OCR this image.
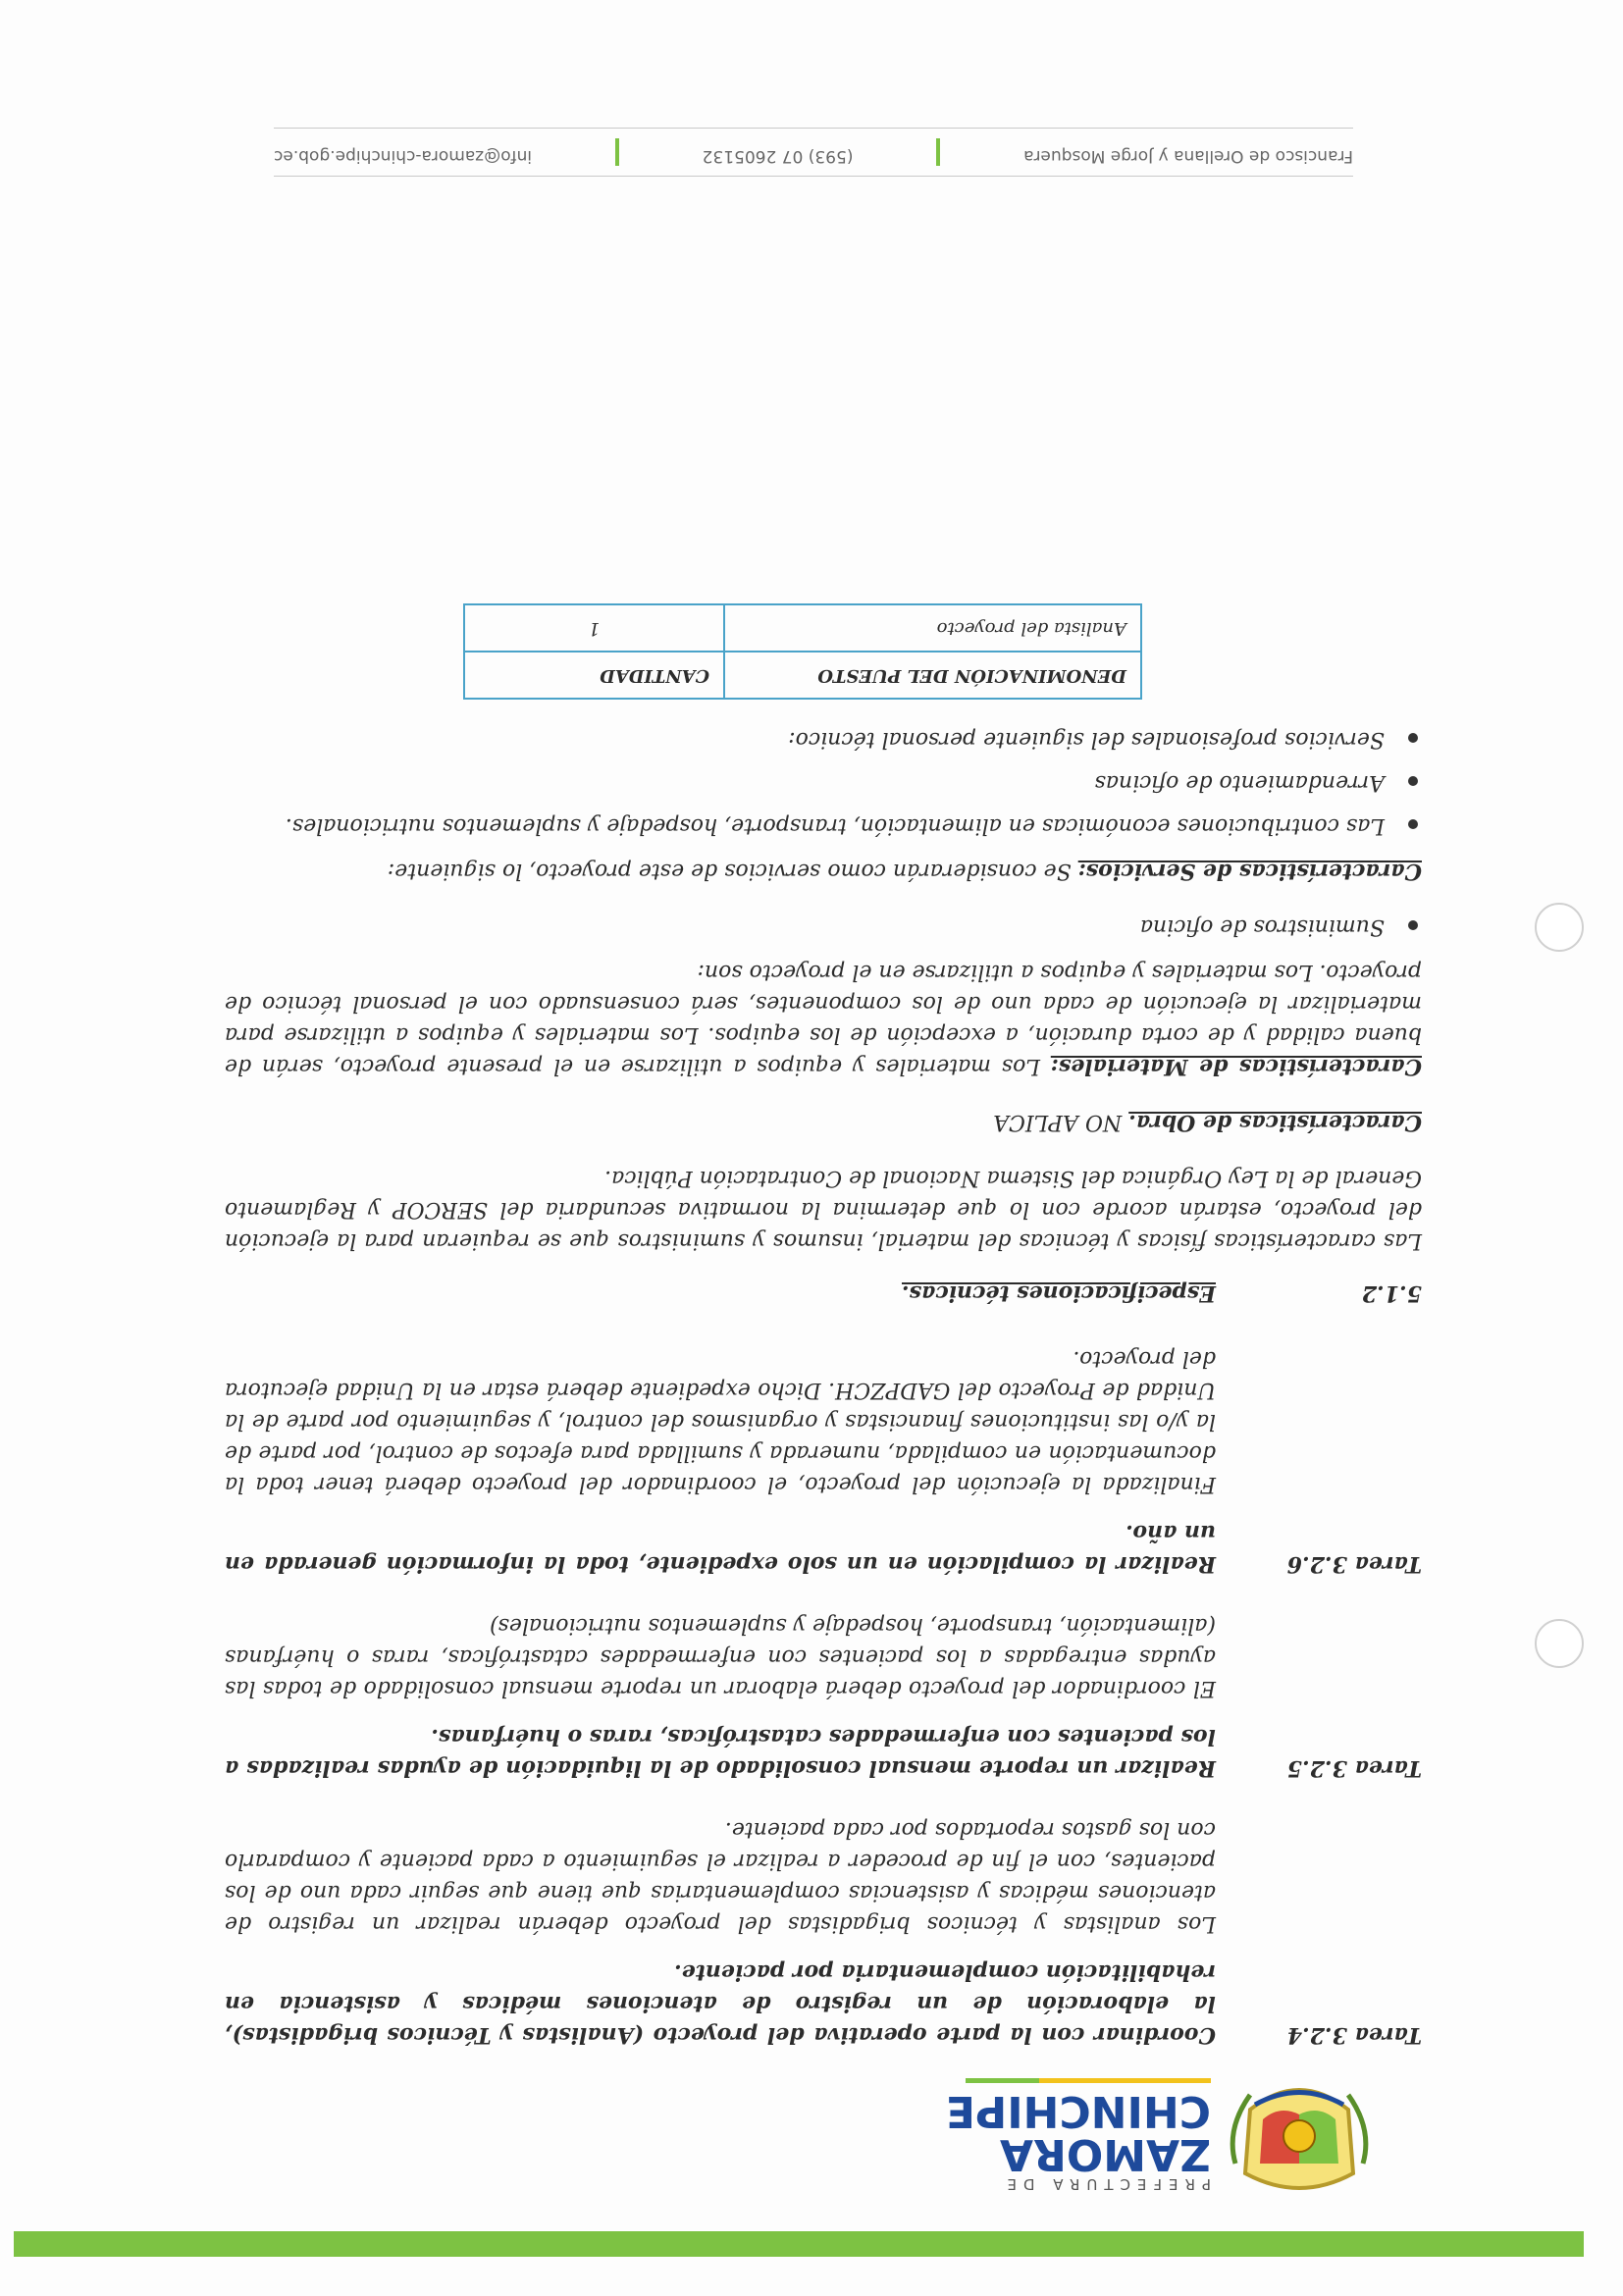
PREFECTURA DE
ZAMORA
CHINCHIPE
Tarea 3.2.4
Coordinar con la parte operativa del proyecto (Analistas y Técnicos brigadistas), la elaboración de un registro de atenciones médicas y asistencia en rehabilitación complementaria por paciente.
Los analistas y técnicos brigadistas del proyecto deberán realizar un registro de atenciones médicas y asistencias complementarias que tiene que seguir cada uno de los pacientes, con el fin de proceder a realizar el seguimiento a cada paciente y compararlo con los gastos reportados por cada paciente.
Tarea 3.2.5
Realizar un reporte mensual consolidado de la liquidación de ayudas realizadas a los pacientes con enfermedades catastróficas, raras o huérfanas.
El coordinador del proyecto deberá elaborar un reporte mensual consolidado de todas las ayudas entregadas a los pacientes con enfermedades catastróficas, raras o huérfanas (alimentación, transporte, hospedaje y suplementos nutricionales)
Tarea 3.2.6
Realizar la compilación en un solo expediente, toda la información generada en un año.
Finalizada la ejecución del proyecto, el coordinador del proyecto deberá tener toda la documentación en compilada, numerada y sumillada para efectos de control, por parte de la y/o las instituciones financistas y organismos del control, y seguimiento por parte de la Unidad de Proyecto del GADPZCH. Dicho expediente deberá estar en la Unidad ejecutora del proyecto.
5.1.2Especificaciones técnicas.

Las características físicas y técnicas del material, insumos y suministros que se requieran para la ejecución del proyecto, estarán acorde con lo que determina la normativa secundaria del SERCOP y Reglamento General de la Ley Orgánica del Sistema Nacional de Contratación Pública.

Características de Obra. NO APLICA

Características de Materiales: Los materiales y equipos a utilizarse en el presente proyecto, serán de buena calidad y de corta duración, a excepción de los equipos. Los materiales y equipos a utilizarse para materializar la ejecución de cada uno de los componentes, será consensuado con el personal técnico de proyecto. Los materiales y equipos a utilizarse en el proyecto son:

Suministros de oficina

Características de Servicios: Se considerarán como servicios de este proyecto, lo siguiente:

Las contribuciones económicas en alimentación, transporte, hospedaje y suplementos nutricionales.
Arrendamiento de oficinas
Servicios profesionales del siguiente personal técnico:
DENOMINACIÓN DEL PUESTO	CANTIDAD
Analista del proyecto	1
Francisco de Orellana y Jorge Mosquera
(593) 07 2605132
info@zamora-chinchipe.gob.ec
